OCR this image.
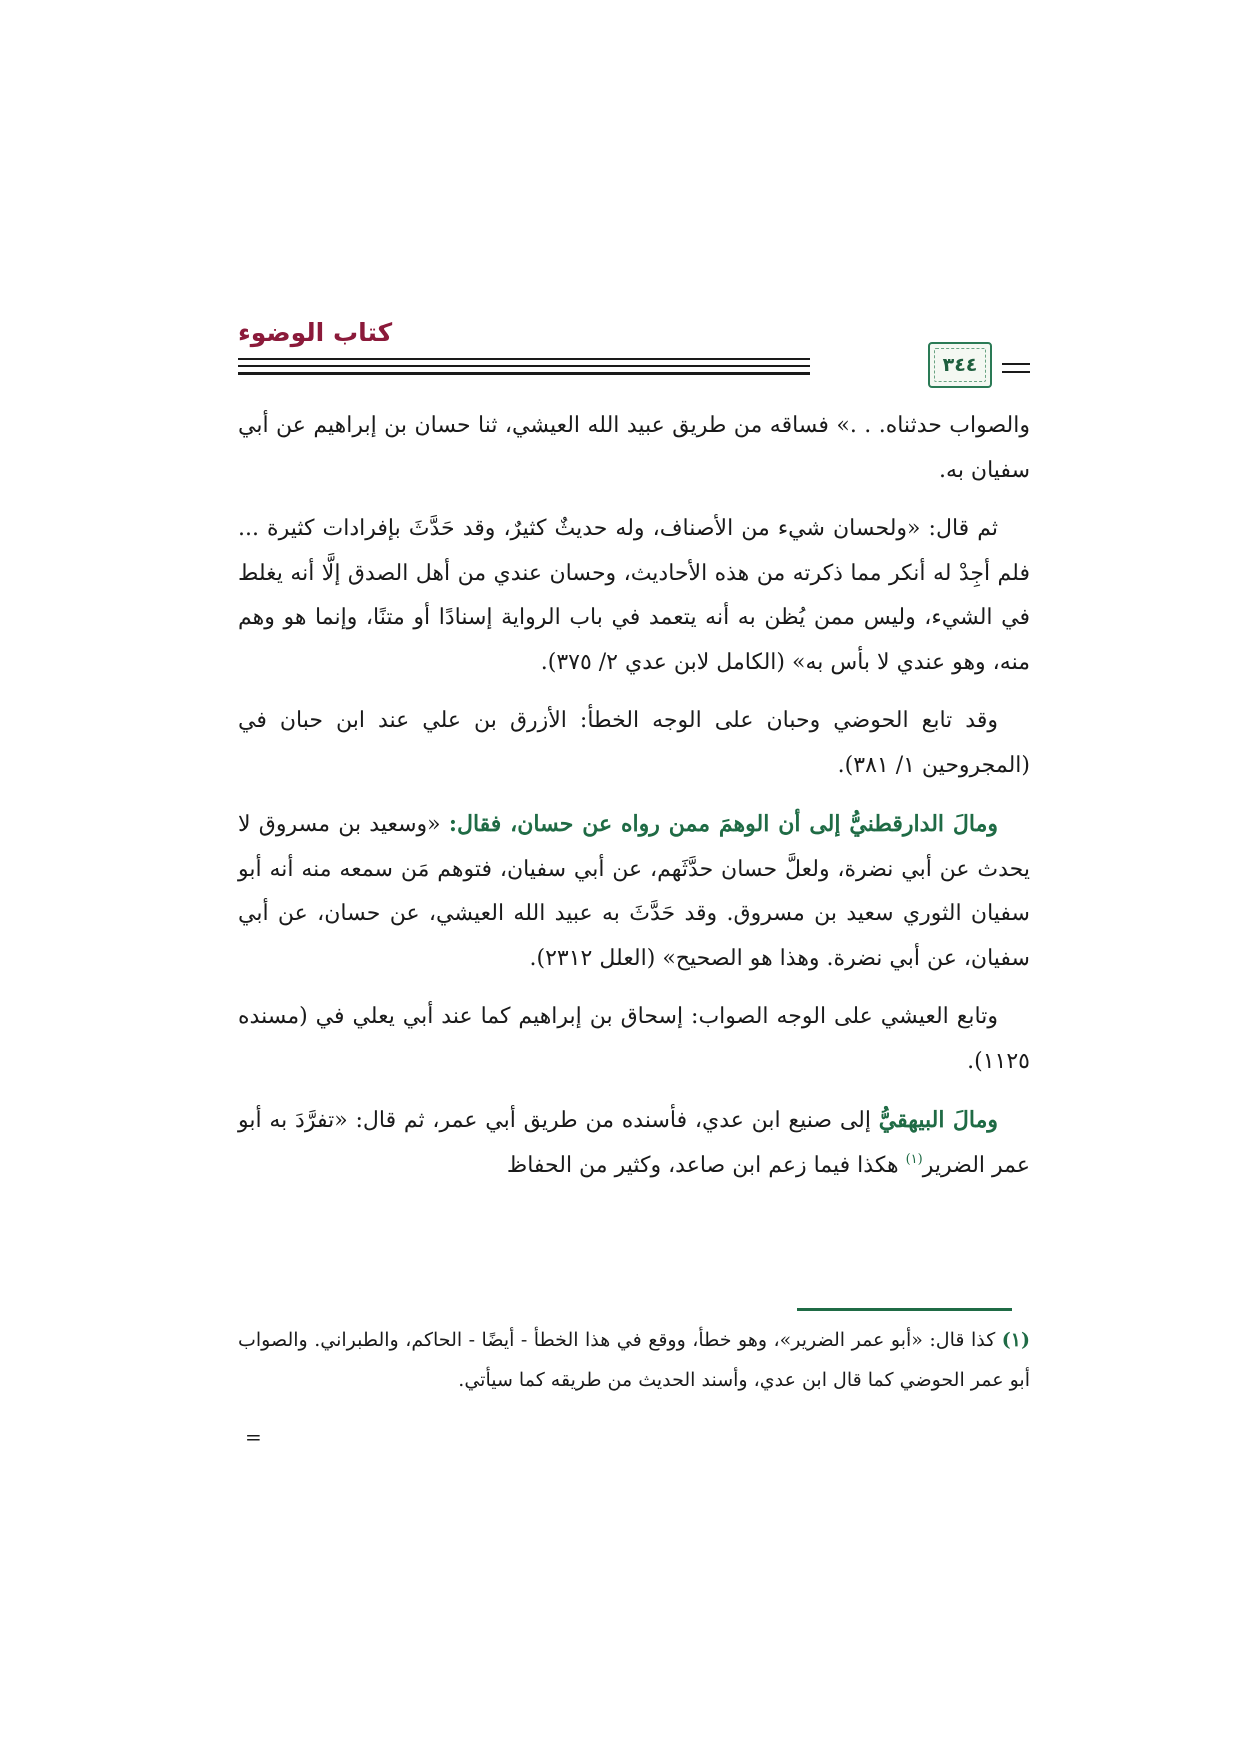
كتاب الوضوء
٣٤٤

والصواب حدثناه. . .» فساقه من طريق عبيد الله العيشي، ثنا حسان بن إبراهيم عن أبي سفيان به.

ثم قال: «ولحسان شيء من الأصناف، وله حديثٌ كثيرٌ، وقد حَدَّثَ بإفرادات كثيرة ... فلم أجِدْ له أنكر مما ذكرته من هذه الأحاديث، وحسان عندي من أهل الصدق إلَّا أنه يغلط في الشيء، وليس ممن يُظن به أنه يتعمد في باب الرواية إسنادًا أو متنًا، وإنما هو وهم منه، وهو عندي لا بأس به» (الكامل لابن عدي ٢/ ٣٧٥).

وقد تابع الحوضي وحبان على الوجه الخطأ: الأزرق بن علي عند ابن حبان في (المجروحين ١/ ٣٨١).

ومالَ الدارقطنيُّ إلى أن الوهمَ ممن رواه عن حسان، فقال: «وسعيد بن مسروق لا يحدث عن أبي نضرة، ولعلَّ حسان حدَّثَهم، عن أبي سفيان، فتوهم مَن سمعه منه أنه أبو سفيان الثوري سعيد بن مسروق. وقد حَدَّثَ به عبيد الله العيشي، عن حسان، عن أبي سفيان، عن أبي نضرة. وهذا هو الصحيح» (العلل ٢٣١٢).

وتابع العيشي على الوجه الصواب: إسحاق بن إبراهيم كما عند أبي يعلي في (مسنده ١١٢٥).

ومالَ البيهقيُّ إلى صنيع ابن عدي، فأسنده من طريق أبي عمر، ثم قال: «تفرَّدَ به أبو عمر الضرير$^{(١)}$ هكذا فيما زعم ابن صاعد، وكثير من الحفاظ

(١) كذا قال: «أبو عمر الضرير»، وهو خطأ، ووقع في هذا الخطأ - أيضًا - الحاكم، والطبراني. والصواب أبو عمر الحوضي كما قال ابن عدي، وأسند الحديث من طريقه كما سيأتي.
=
